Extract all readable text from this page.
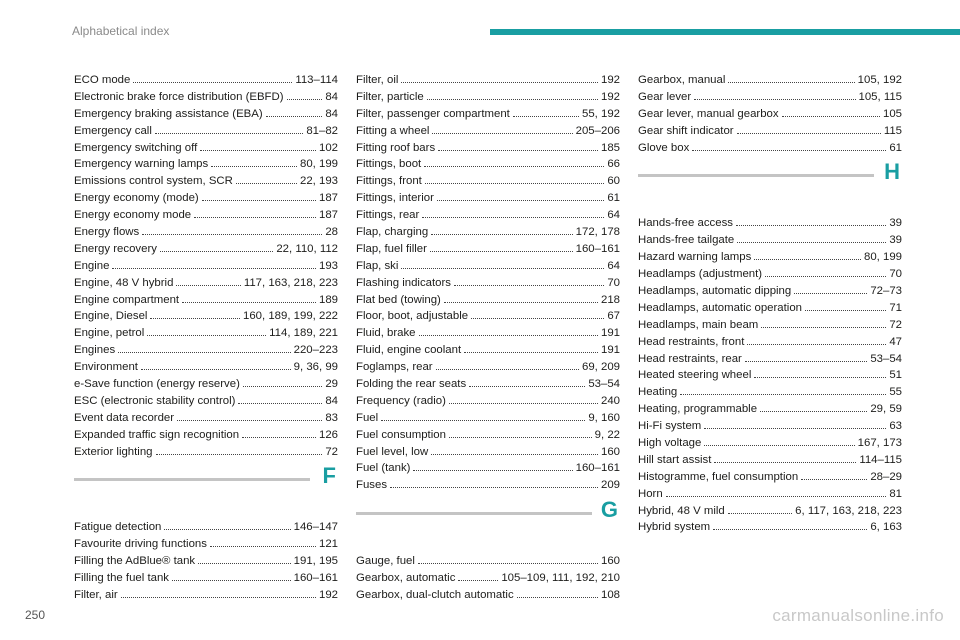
Alphabetical index
ECO mode	113–114
Electronic brake force distribution (EBFD)	84
Emergency braking assistance (EBA)	84
Emergency call	81–82
Emergency switching off	102
Emergency warning lamps	80, 199
Emissions control system, SCR	22, 193
Energy economy (mode)	187
Energy economy mode	187
Energy flows	28
Energy recovery	22, 110, 112
Engine	193
Engine, 48 V hybrid	117, 163, 218, 223
Engine compartment	189
Engine, Diesel	160, 189, 199, 222
Engine, petrol	114, 189, 221
Engines	220–223
Environment	9, 36, 99
e-Save function (energy reserve)	29
ESC (electronic stability control)	84
Event data recorder	83
Expanded traffic sign recognition	126
Exterior lighting	72
F
Fatigue detection	146–147
Favourite driving functions	121
Filling the AdBlue® tank	191, 195
Filling the fuel tank	160–161
Filter, air	192
Filter, oil	192
Filter, particle	192
Filter, passenger compartment	55, 192
Fitting a wheel	205–206
Fitting roof bars	185
Fittings, boot	66
Fittings, front	60
Fittings, interior	61
Fittings, rear	64
Flap, charging	172, 178
Flap, fuel filler	160–161
Flap, ski	64
Flashing indicators	70
Flat bed (towing)	218
Floor, boot, adjustable	67
Fluid, brake	191
Fluid, engine coolant	191
Foglamps, rear	69, 209
Folding the rear seats	53–54
Frequency (radio)	240
Fuel	9, 160
Fuel consumption	9, 22
Fuel level, low	160
Fuel (tank)	160–161
Fuses	209
G
Gauge, fuel	160
Gearbox, automatic	105–109, 111, 192, 210
Gearbox, dual-clutch automatic	108
Gearbox, manual	105, 192
Gear lever	105, 115
Gear lever, manual gearbox	105
Gear shift indicator	115
Glove box	61
H
Hands-free access	39
Hands-free tailgate	39
Hazard warning lamps	80, 199
Headlamps (adjustment)	70
Headlamps, automatic dipping	72–73
Headlamps, automatic operation	71
Headlamps, main beam	72
Head restraints, front	47
Head restraints, rear	53–54
Heated steering wheel	51
Heating	55
Heating, programmable	29, 59
Hi-Fi system	63
High voltage	167, 173
Hill start assist	114–115
Histogramme, fuel consumption	28–29
Horn	81
Hybrid, 48 V mild	6, 117, 163, 218, 223
Hybrid system	6, 163
250	carmanualsonline.info
